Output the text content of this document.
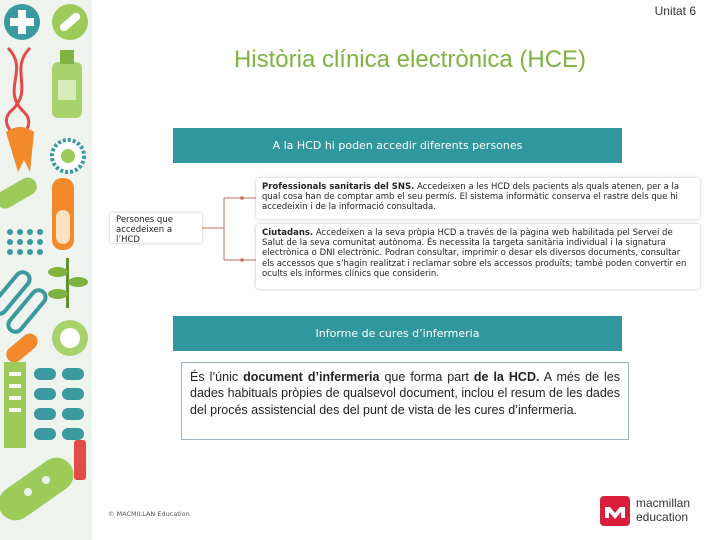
Unitat 6
Història clínica electrònica (HCE)
A la HCD hi poden accedir diferents persones
Persones que accedeixen a l’HCD
Professionals sanitaris del SNS. Accedeixen a les HCD dels pacients als quals atenen, per a la qual cosa han de comptar amb el seu permís. El sistema informàtic conserva el rastre dels que hi accedeixin i de la informació consultada.
Ciutadans. Accedeixen a la seva pròpia HCD a través de la pàgina web habilitada pel Servei de Salut de la seva comunitat autònoma. És necessita la targeta sanitària individual i la signatura electrònica o DNI electrònic. Podran consultar, imprimir o desar els diversos documents, consultar els accessos que s’hagin realitzat i reclamar sobre els accessos produïts; també poden convertir en ocults els informes clínics que considerin.
Informe de cures d’infermeria
És l’únic document d’infermeria que forma part de la HCD. A més de les dades habituals pròpies de qualsevol document, inclou el resum de les dades del procés assistencial des del punt de vista de les cures d’infermeria.
© MACMILLAN Education
macmillan
education
